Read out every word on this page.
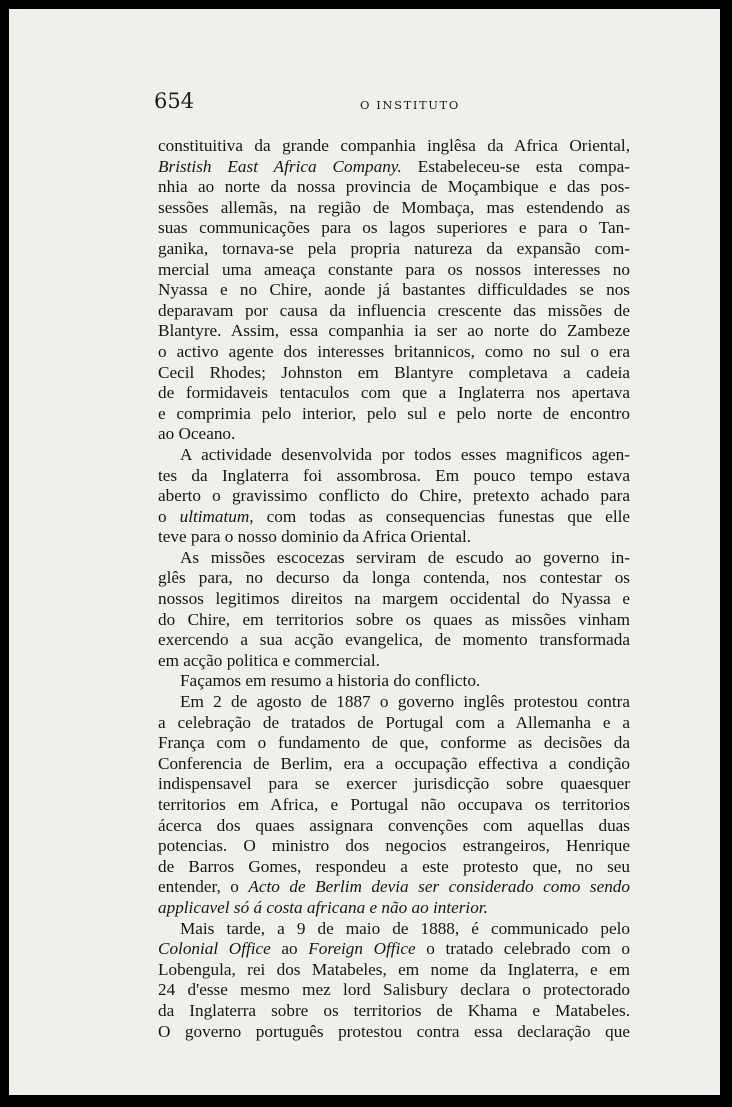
654	O INSTITUTO
constituitiva da grande companhia inglêsa da Africa Oriental,
Bristish East Africa Company. Estabeleceu-se esta compa-
nhia ao norte da nossa provincia de Moçambique e das pos-
sessões allemãs, na região de Mombaça, mas estendendo as
suas communicações para os lagos superiores e para o Tan-
ganika, tornava-se pela propria natureza da expansão com-
mercial uma ameaça constante para os nossos interesses no
Nyassa e no Chire, aonde já bastantes difficuldades se nos
deparavam por causa da influencia crescente das missões de
Blantyre. Assim, essa companhia ia ser ao norte do Zambeze
o activo agente dos interesses britannicos, como no sul o era
Cecil Rhodes; Johnston em Blantyre completava a cadeia
de formidaveis tentaculos com que a Inglaterra nos apertava
e comprimia pelo interior, pelo sul e pelo norte de encontro
ao Oceano.
A actividade desenvolvida por todos esses magnificos agen-
tes da Inglaterra foi assombrosa. Em pouco tempo estava
aberto o gravissimo conflicto do Chire, pretexto achado para
o ultimatum, com todas as consequencias funestas que elle
teve para o nosso dominio da Africa Oriental.
As missões escocezas serviram de escudo ao governo in-
glês para, no decurso da longa contenda, nos contestar os
nossos legitimos direitos na margem occidental do Nyassa e
do Chire, em territorios sobre os quaes as missões vinham
exercendo a sua acção evangelica, de momento transformada
em acção politica e commercial.
Façamos em resumo a historia do conflicto.
Em 2 de agosto de 1887 o governo inglês protestou contra
a celebração de tratados de Portugal com a Allemanha e a
França com o fundamento de que, conforme as decisões da
Conferencia de Berlim, era a occupação effectiva a condição
indispensavel para se exercer jurisdicção sobre quaesquer
territorios em Africa, e Portugal não occupava os territorios
ácerca dos quaes assignara convenções com aquellas duas
potencias. O ministro dos negocios estrangeiros, Henrique
de Barros Gomes, respondeu a este protesto que, no seu
entender, o Acto de Berlim devia ser considerado como sendo
applicavel só á costa africana e não ao interior.
Mais tarde, a 9 de maio de 1888, é communicado pelo
Colonial Office ao Foreign Office o tratado celebrado com o
Lobengula, rei dos Matabeles, em nome da Inglaterra, e em
24 d'esse mesmo mez lord Salisbury declara o protectorado
da Inglaterra sobre os territorios de Khama e Matabeles.
O governo português protestou contra essa declaração que
